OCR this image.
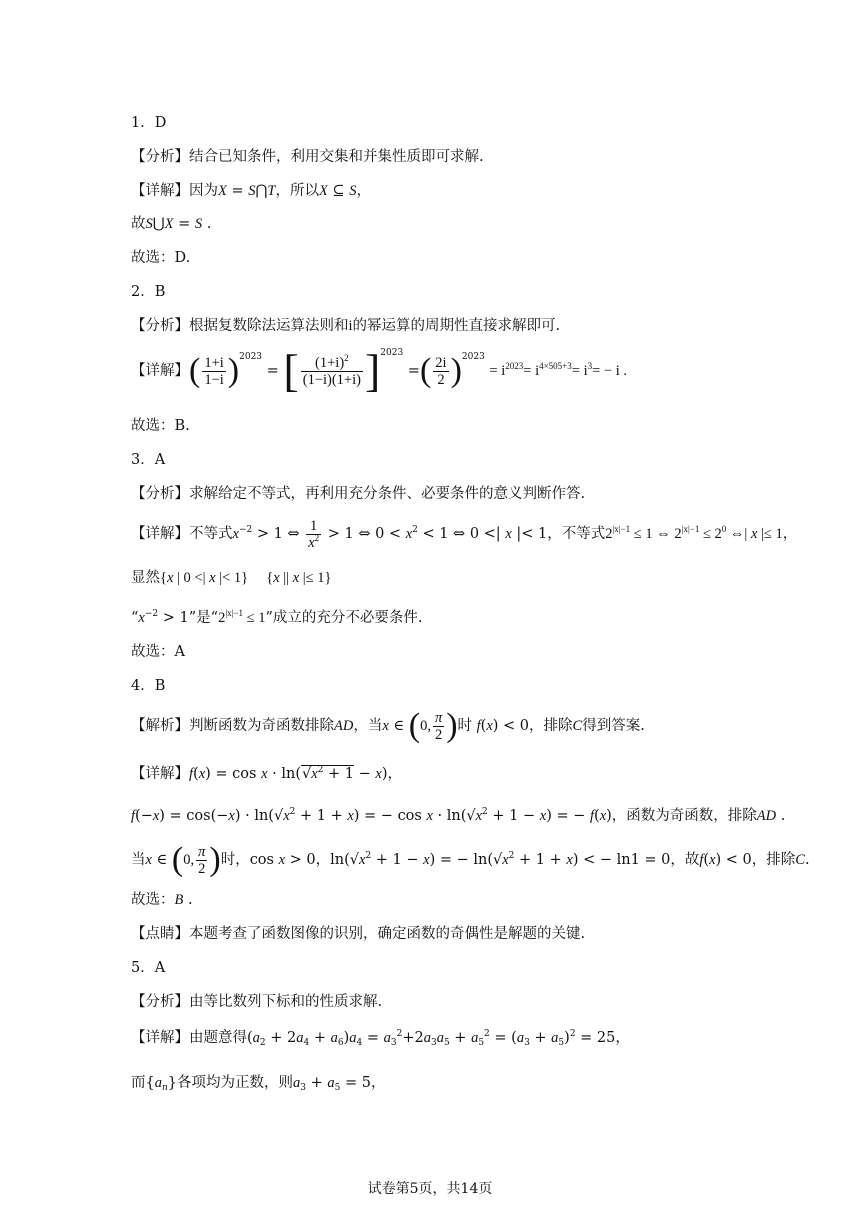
1．D
【分析】结合已知条件，利用交集和并集性质即可求解.
【详解】因为X = S⋂T，所以X ⊆ S，
故S⋃X = S .
故选：D.
2．B
【分析】根据复数除法运算法则和i的幂运算的周期性直接求解即可.
【详解】( $\frac{1+i}{1-i} )^{2023}$ = [ $\frac{(1+i)^2}{(1-i)(1+i)} ]^{2023}$ =( $\frac{2i}{2} )^{2023} = i^{2023}= i^{4\times 505+3}= i^3= - i$ .
故选：B.
3．A
【分析】求解给定不等式，再利用充分条件、必要条件的意义判断作答.
【详解】不等式$x^{-2} > 1$ ⇔ $\frac{1}{x^2} > 1$ ⇔ $0 < x^2 < 1$ ⇔ 0 <| x |< 1，不等式$2^{|x|-1} \le 1$ ⇔ $2^{|x|-1} \le 2^0$ ⇔| x |≤ 1，
显然{x | 0 <| x |< 1}     {x || x |≤ 1}
“$x^{-2} > 1$”是“$2^{|x|-1} \le 1$”成立的充分不必要条件.
故选：A
4．B
【解析】判断函数为奇函数排除AD，当x ∈ (0, $\frac{\pi}{2}$ )时 f(x) < 0，排除C得到答案.
【详解】$f(x) = \cos x \cdot \ln(√x^2 + 1 - x)$，
$f(-x) = \cos(-x) \cdot \ln(√x^2 + 1 + x)$ = − $\cos x \cdot \ln(√x^2 + 1 - x)$ = − f(x)，函数为奇函数，排除AD .
当x ∈ (0, $\frac{\pi}{2}$ )时，cos x > 0，$\ln(√x^2 + 1 - x)$ = − $\ln(√x^2 + 1 + x)$ < − ln1 = 0，故f(x) < 0，排除C.
故选：B .
【点睛】本题考查了函数图像的识别，确定函数的奇偶性是解题的关键.
5．A
【分析】由等比数列下标和的性质求解.
【详解】由题意得$(a_2 + 2a_4 + a_6)a_4 = a_3^2+2a_3a_5 + a_5^2 = (a_3 + a_5)^2 = 25$，
而$\{a_n\}$各项均为正数，则$a_3 + a_5 = 5$，
试卷第5页，共14页
